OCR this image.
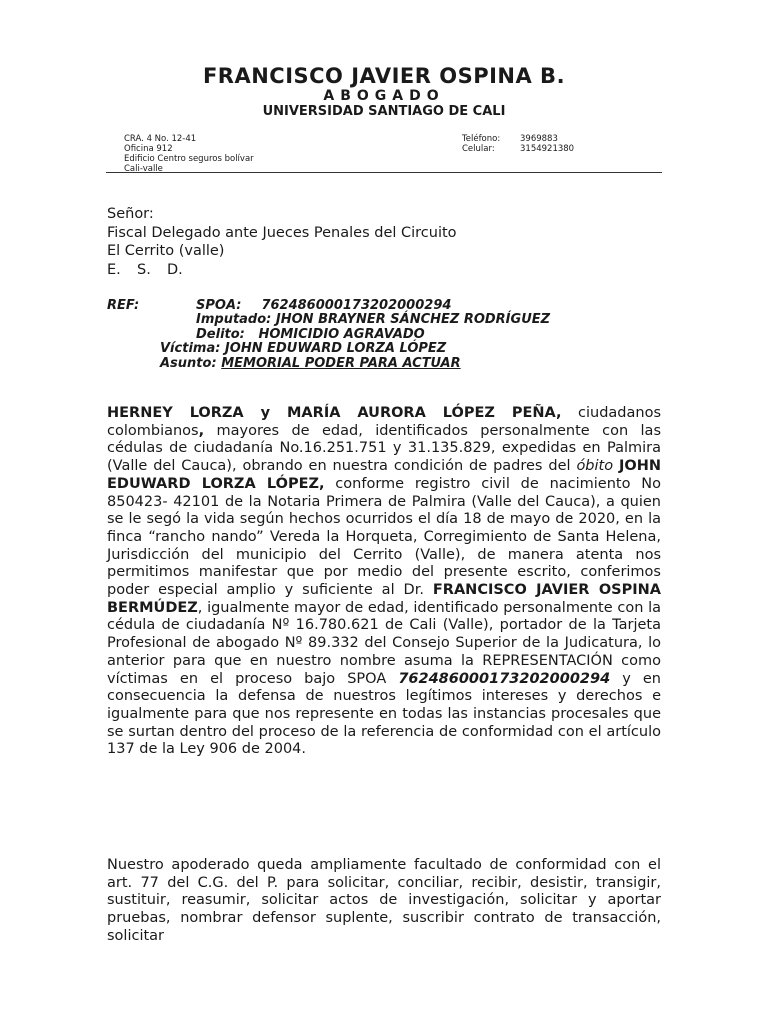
FRANCISCO JAVIER OSPINA B.
ABOGADO
UNIVERSIDAD SANTIAGO DE CALI
CRA. 4 No. 12-41
Oficina 912
Edificio Centro seguros bolívar
Cali-valle
Teléfono:	3969883
Celular:	3154921380
Señor:
Fiscal Delegado ante Jueces Penales del Circuito
El Cerrito (valle)
E. S. D.
REF:	SPOA: 762486000173202000294
Imputado: JHON BRAYNER SÁNCHEZ RODRÍGUEZ
Delito:   HOMICIDIO AGRAVADO
Víctima: JOHN EDUWARD LORZA LÓPEZ
Asunto: MEMORIAL PODER PARA ACTUAR

HERNEY LORZA y MARÍA AURORA LÓPEZ PEÑA, ciudadanos colombianos, mayores de edad, identificados personalmente con las cédulas de ciudadanía No.16.251.751 y 31.135.829, expedidas en Palmira (Valle del Cauca), obrando en nuestra condición de padres del óbito JOHN EDUWARD LORZA LÓPEZ, conforme registro civil de nacimiento No 850423- 42101 de la Notaria Primera de Palmira (Valle del Cauca), a quien se le segó la vida según hechos ocurridos el día 18 de mayo de 2020, en la finca “rancho nando” Vereda la Horqueta, Corregimiento de Santa Helena, Jurisdicción del municipio del Cerrito (Valle), de manera atenta nos permitimos manifestar que por medio del presente escrito, conferimos poder especial amplio y suficiente al Dr. FRANCISCO JAVIER OSPINA BERMÚDEZ, igualmente mayor de edad, identificado personalmente con la cédula de ciudadanía Nº 16.780.621 de Cali (Valle), portador de la Tarjeta Profesional de abogado Nº 89.332 del Consejo Superior de la Judicatura, lo anterior para que en nuestro nombre asuma la REPRESENTACIÓN como víctimas en el proceso bajo SPOA 762486000173202000294 y en consecuencia la defensa de nuestros legítimos intereses y derechos e igualmente para que nos represente en todas las instancias procesales que se surtan dentro del proceso de la referencia de conformidad con el artículo 137 de la Ley 906 de 2004.

Nuestro apoderado queda ampliamente facultado de conformidad con el art. 77 del C.G. del P. para solicitar, conciliar, recibir, desistir, transigir, sustituir, reasumir, solicitar actos de investigación, solicitar y aportar pruebas, nombrar defensor suplente, suscribir contrato de transacción, solicitar
